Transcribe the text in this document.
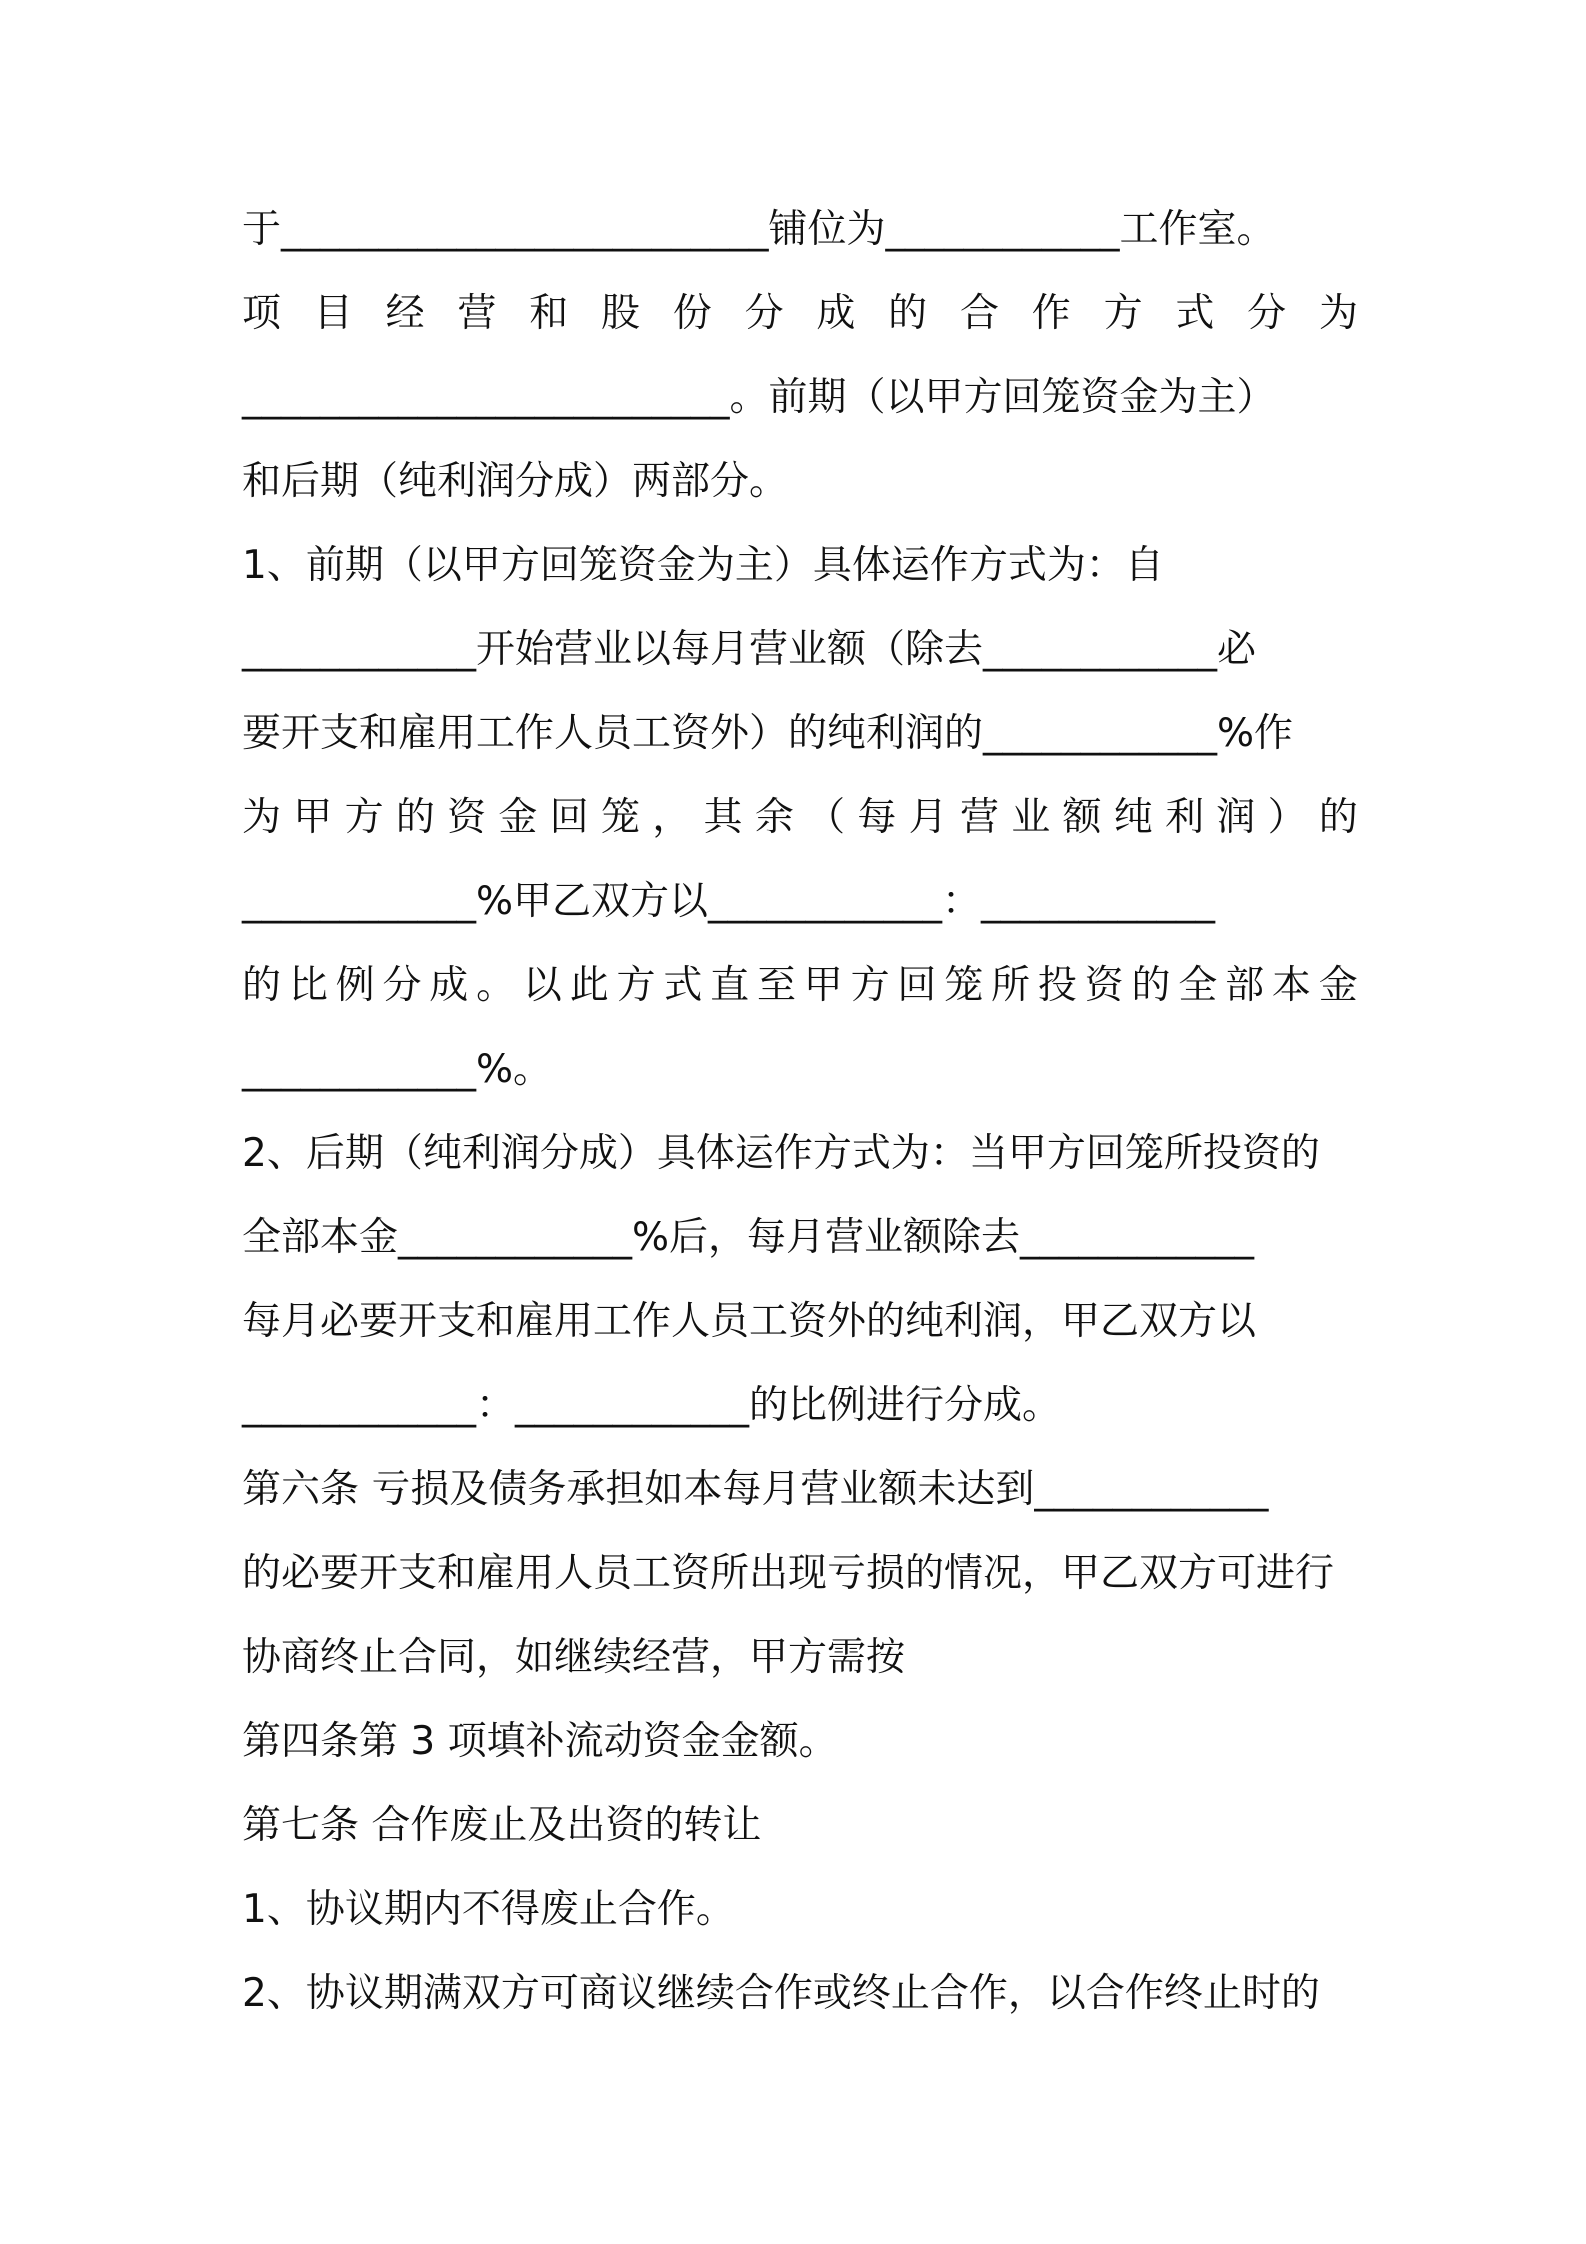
于_________________________铺位为____________工作室。
项 目 经 营 和 股 份 分 成 的 合 作 方 式 分 为
_________________________。前期（以甲方回笼资金为主）
和后期（纯利润分成）两部分。
1、前期（以甲方回笼资金为主）具体运作方式为：自
____________开始营业以每月营业额（除去____________必
要开支和雇用工作人员工资外）的纯利润的____________%作
为 甲 方 的 资 金 回 笼 ， 其 余 （ 每 月 营 业 额 纯 利 润 ） 的
____________%甲乙双方以____________：____________
的 比 例 分 成 。 以 此 方 式 直 至 甲 方 回 笼 所 投 资 的 全 部 本 金
____________%。
2、后期（纯利润分成）具体运作方式为：当甲方回笼所投资的
全部本金____________%后，每月营业额除去____________
每月必要开支和雇用工作人员工资外的纯利润，甲乙双方以
____________：____________的比例进行分成。
第六条 亏损及债务承担如本每月营业额未达到____________
的必要开支和雇用人员工资所出现亏损的情况，甲乙双方可进行
协商终止合同，如继续经营，甲方需按
第四条第 3 项填补流动资金金额。
第七条 合作废止及出资的转让
1、协议期内不得废止合作。
2、协议期满双方可商议继续合作或终止合作，以合作终止时的
